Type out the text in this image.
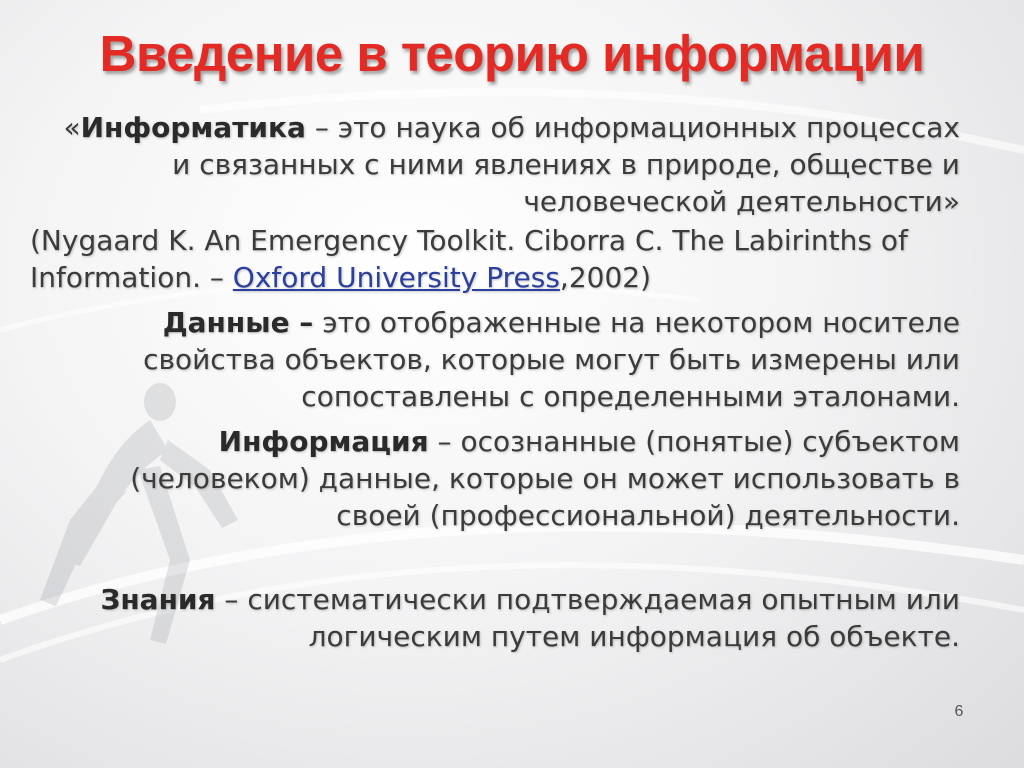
Введение в теорию информации

«Информатика – это наука об информационных процессах и связанных с ними явлениях в природе, обществе и человеческой деятельности»

(Nygaard K. An Emergency Toolkit. Ciborra C. The Labirinths of Information. – Oxford University Press,2002)

Данные – это отображенные на некотором носителе свойства объектов, которые могут быть измерены или сопоставлены с определенными эталонами.

Информация – осознанные (понятые) субъектом (человеком) данные, которые он может использовать в своей (профессиональной) деятельности.

Знания – систематически подтверждаемая опытным или логическим путем информация об объекте.

6
